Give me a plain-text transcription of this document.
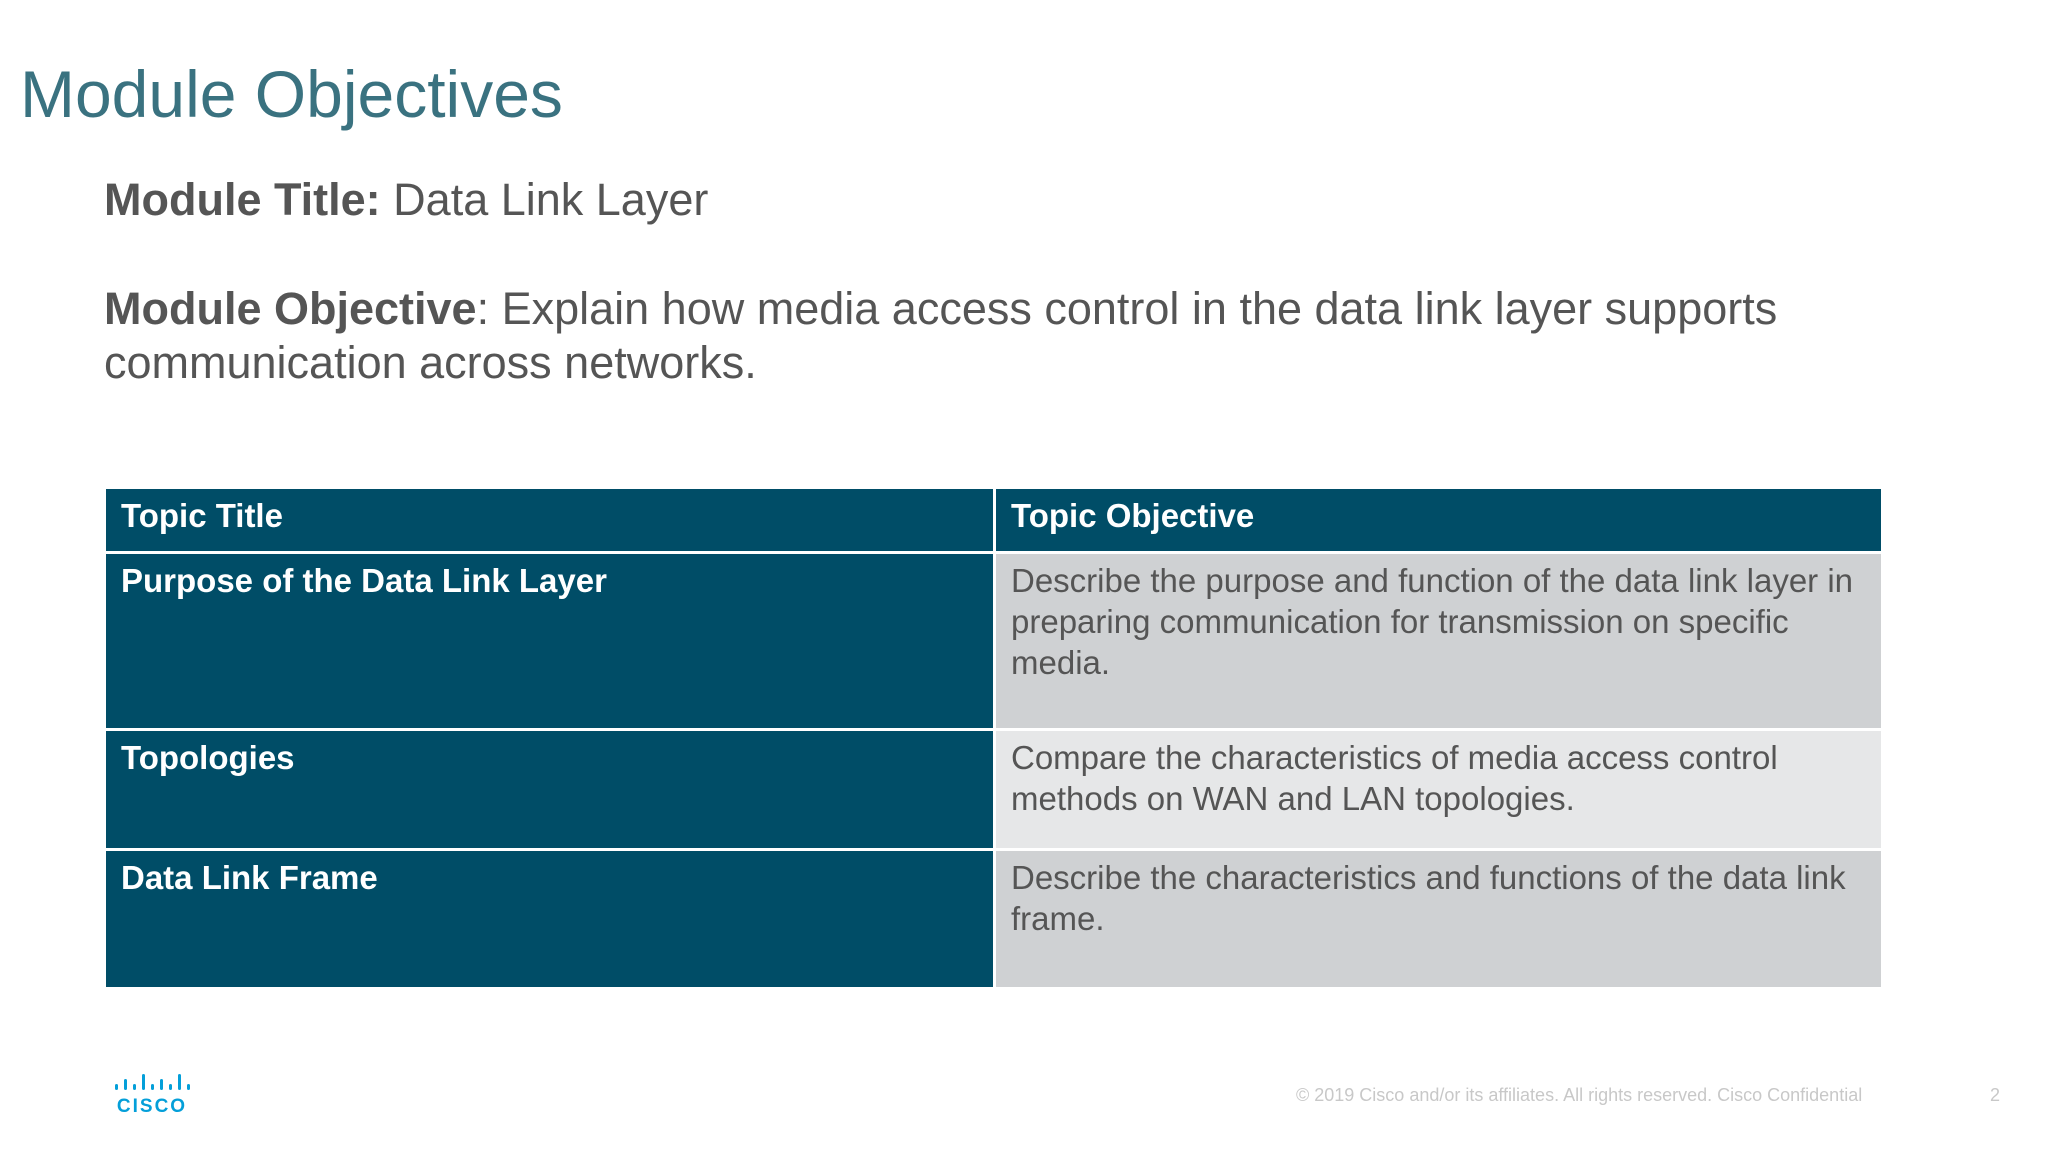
Module Objectives

Module Title: Data Link Layer

Module Objective: Explain how media access control in the data link layer supports communication across networks.

Topic Title	Topic Objective
Purpose of the Data Link Layer	Describe the purpose and function of the data link layer in preparing communication for transmission on specific media.
Topologies	Compare the characteristics of media access control methods on WAN and LAN topologies.
Data Link Frame	Describe the characteristics and functions of the data link frame.
CISCO
© 2019 Cisco and/or its affiliates. All rights reserved. Cisco Confidential	2
